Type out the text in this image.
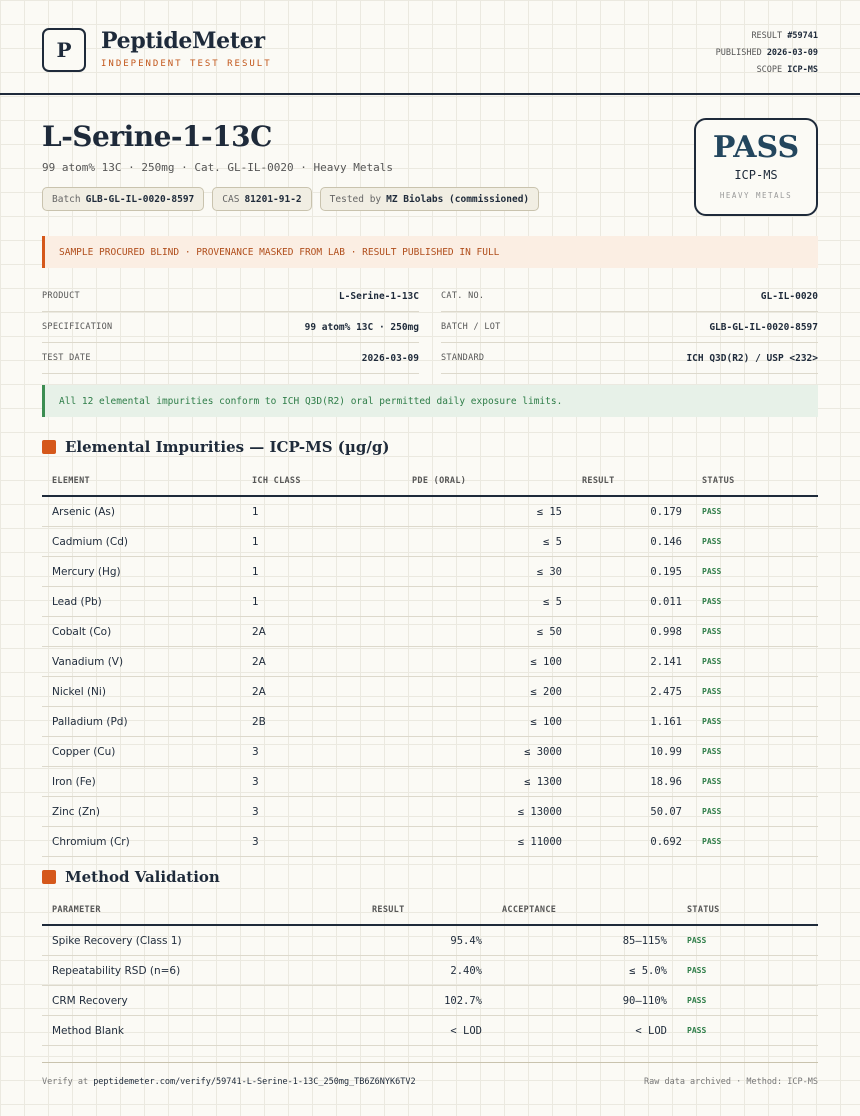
P	PeptideMeter
INDEPENDENT TEST RESULT
RESULT #59741
PUBLISHED 2026-03-09
SCOPE ICP-MS
L-Serine-1-13C
99 atom% 13C · 250mg · Cat. GL-IL-0020 · Heavy Metals
Batch GLB-GL-IL-0020-8597	CAS 81201-91-2	Tested by MZ Biolabs (commissioned)
PASS
ICP-MS
HEAVY METALS
SAMPLE PROCURED BLIND · PROVENANCE MASKED FROM LAB · RESULT PUBLISHED IN FULL
PRODUCT	L-Serine-1-13C	CAT. NO.	GL-IL-0020
SPECIFICATION	99 atom% 13C · 250mg	BATCH / LOT	GLB-GL-IL-0020-8597
TEST DATE	2026-03-09	STANDARD	ICH Q3D(R2) / USP <232>
All 12 elemental impurities conform to ICH Q3D(R2) oral permitted daily exposure limits.
Elemental Impurities — ICP-MS (µg/g)
ELEMENT	ICH CLASS	PDE (ORAL)	RESULT	STATUS
Arsenic (As)	1	≤ 15	0.179	PASS
Cadmium (Cd)	1	≤ 5	0.146	PASS
Mercury (Hg)	1	≤ 30	0.195	PASS
Lead (Pb)	1	≤ 5	0.011	PASS
Cobalt (Co)	2A	≤ 50	0.998	PASS
Vanadium (V)	2A	≤ 100	2.141	PASS
Nickel (Ni)	2A	≤ 200	2.475	PASS
Palladium (Pd)	2B	≤ 100	1.161	PASS
Copper (Cu)	3	≤ 3000	10.99	PASS
Iron (Fe)	3	≤ 1300	18.96	PASS
Zinc (Zn)	3	≤ 13000	50.07	PASS
Chromium (Cr)	3	≤ 11000	0.692	PASS
Method Validation
PARAMETER	RESULT	ACCEPTANCE	STATUS
Spike Recovery (Class 1)	95.4%	85–115%	PASS
Repeatability RSD (n=6)	2.40%	≤ 5.0%	PASS
CRM Recovery	102.7%	90–110%	PASS
Method Blank	< LOD	< LOD	PASS
Verify at peptidemeter.com/verify/59741-L-Serine-1-13C_250mg_TB6Z6NYK6TV2	Raw data archived · Method: ICP-MS
